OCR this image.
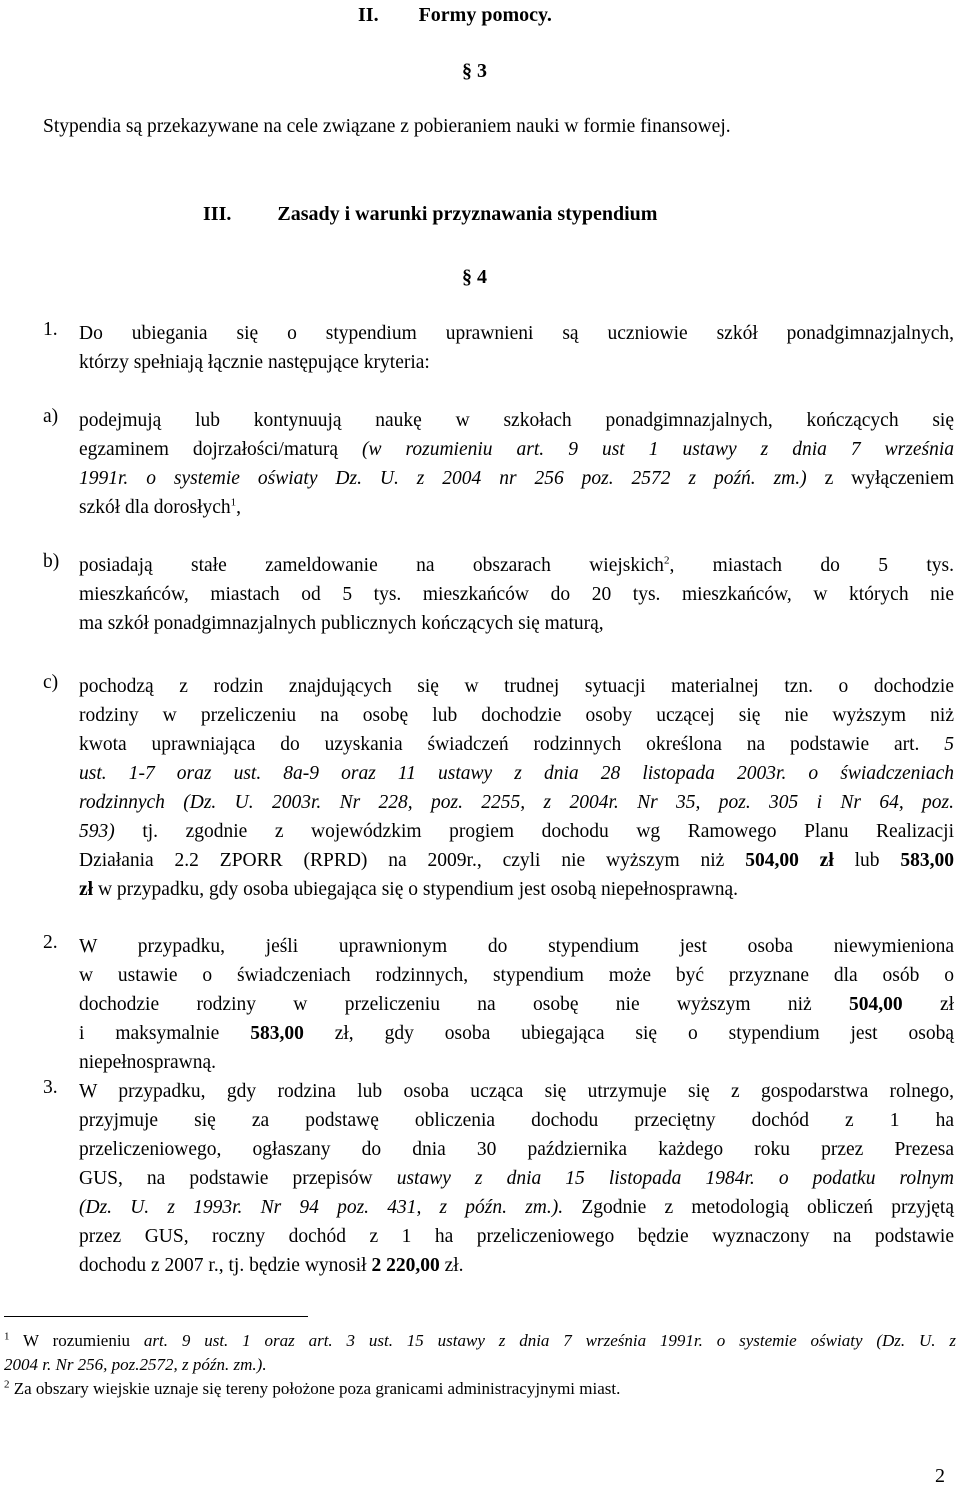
II. Formy pomocy.
§ 3
Stypendia są przekazywane na cele związane z pobieraniem nauki w formie finansowej.
III. Zasady i warunki przyznawania stypendium
§ 4
1. Do ubiegania się o stypendium uprawnieni są uczniowie szkół ponadgimnazjalnych,
którzy spełniają łącznie następujące kryteria:
a) podejmują lub kontynuują naukę w szkołach ponadgimnazjalnych, kończących się
egzaminem dojrzałości/maturą (w rozumieniu art. 9 ust 1 ustawy z dnia 7 września
1991r. o systemie oświaty Dz. U. z 2004 nr 256 poz. 2572 z poźń. zm.) z wyłączeniem
szkół dla dorosłych$^1$,
b) posiadają stałe zameldowanie na obszarach wiejskich$^2$, miastach do 5 tys.
mieszkańców, miastach od 5 tys. mieszkańców do 20 tys. mieszkańców, w których nie
ma szkół ponadgimnazjalnych publicznych kończących się maturą,
c) pochodzą z rodzin znajdujących się w trudnej sytuacji materialnej tzn. o dochodzie
rodziny w przeliczeniu na osobę lub dochodzie osoby uczącej się nie wyższym niż
kwota uprawniająca do uzyskania świadczeń rodzinnych określona na podstawie art. 5
ust. 1-7 oraz ust. 8a-9 oraz 11 ustawy z dnia 28 listopada 2003r. o świadczeniach
rodzinnych (Dz. U. 2003r. Nr 228, poz. 2255, z 2004r. Nr 35, poz. 305 i Nr 64, poz.
593) tj. zgodnie z wojewódzkim progiem dochodu wg Ramowego Planu Realizacji
Działania 2.2 ZPORR (RPRD) na 2009r., czyli nie wyższym niż 504,00 zł lub 583,00
zł w przypadku, gdy osoba ubiegająca się o stypendium jest osobą niepełnosprawną.
2. W przypadku, jeśli uprawnionym do stypendium jest osoba niewymieniona
w ustawie o świadczeniach rodzinnych, stypendium może być przyznane dla osób o
dochodzie rodziny w przeliczeniu na osobę nie wyższym niż 504,00 zł
i maksymalnie 583,00 zł, gdy osoba ubiegająca się o stypendium jest osobą
niepełnosprawną.
3. W przypadku, gdy rodzina lub osoba ucząca się utrzymuje się z gospodarstwa rolnego,
przyjmuje się za podstawę obliczenia dochodu przeciętny dochód z 1 ha
przeliczeniowego, ogłaszany do dnia 30 października każdego roku przez Prezesa
GUS, na podstawie przepisów ustawy z dnia 15 listopada 1984r. o podatku rolnym
(Dz. U. z 1993r. Nr 94 poz. 431, z późn. zm.). Zgodnie z metodologią obliczeń przyjętą
przez GUS, roczny dochód z 1 ha przeliczeniowego będzie wyznaczony na podstawie
dochodu z 2007 r., tj. będzie wynosił 2 220,00 zł.
$^1$ W rozumieniu art. 9 ust. 1 oraz art. 3 ust. 15 ustawy z dnia 7 września 1991r. o systemie oświaty (Dz. U. z
2004 r. Nr 256, poz.2572, z późn. zm.).
$^2$ Za obszary wiejskie uznaje się tereny położone poza granicami administracyjnymi miast.
2
